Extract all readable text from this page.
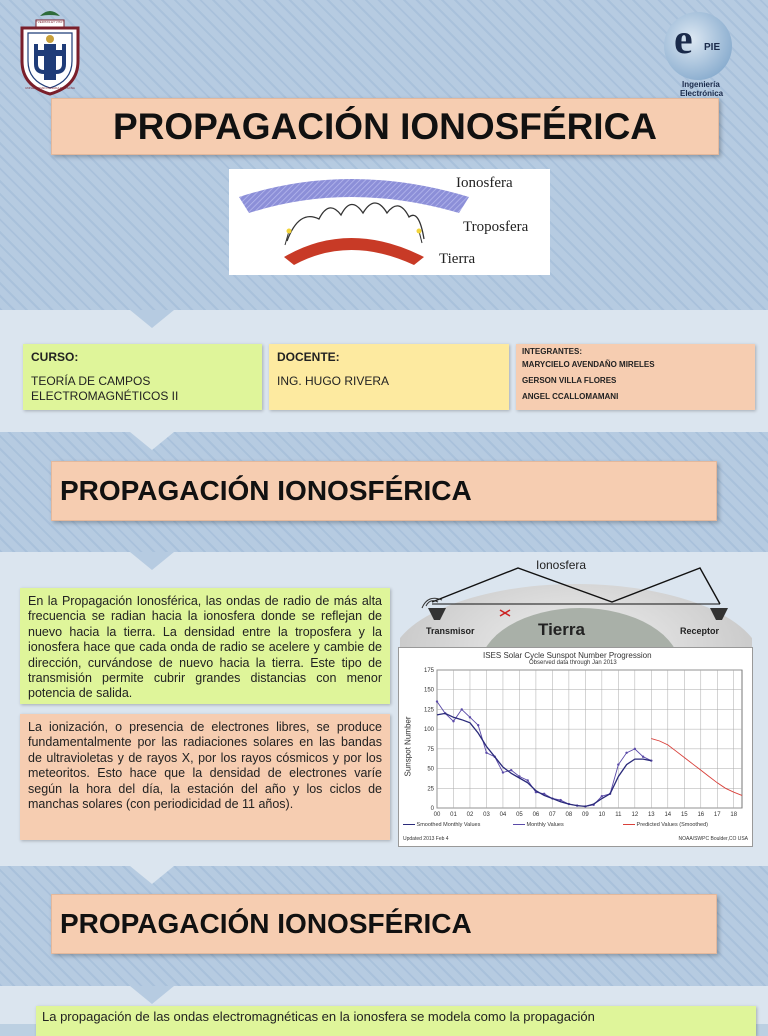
"VERITAS ET VITA"
UNIVERSIDAD PRIVADA DE TACNA
e PIE
Ingeniería
Electrónica
PROPAGACIÓN IONOSFÉRICA
Ionosfera
Troposfera
Tierra
CURSO:
TEORÍA DE CAMPOS
ELECTROMAGNÉTICOS II
DOCENTE:
ING. HUGO RIVERA
INTEGRANTES:
MARYCIELO AVENDAÑO MIRELES
GERSON VILLA FLORES
ANGEL CCALLOMAMANI
PROPAGACIÓN IONOSFÉRICA
En la Propagación Ionosférica, las ondas de radio de más alta frecuencia se radian hacia la ionosfera donde se reflejan de nuevo hacia la tierra. La densidad entre la troposfera y la ionosfera hace que cada onda de radio se acelere y cambie de dirección, curvándose de nuevo hacia la tierra. Este tipo de transmisión permite cubrir grandes distancias con menor potencia de salida.
La ionización, o presencia de electrones libres, se produce fundamentalmente por las radiaciones solares en las bandas de ultravioletas y de rayos X, por los rayos cósmicos y por los meteoritos. Esto hace que la densidad de electrones varíe según la hora del día, la estación del año y los ciclos de manchas solares (con periodicidad de 11 años).
Ionosfera
Transmisor	Tierra	Receptor
0
25
50
75
100
125
150
175
00 01 02 03 04 05 06 07 08 09 10 11 12 13 14 15 16 17 18
ISES Solar Cycle Sunspot Number Progression
Observed data through Jan 2013
Sunspot Number
Smoothed Monthly Values	Monthly Values	Predicted Values (Smoothed)
Updated 2013 Feb 4	NOAA/SWPC Boulder,CO USA
PROPAGACIÓN IONOSFÉRICA
La propagación de las ondas electromagnéticas en la ionosfera se modela como la propagación
